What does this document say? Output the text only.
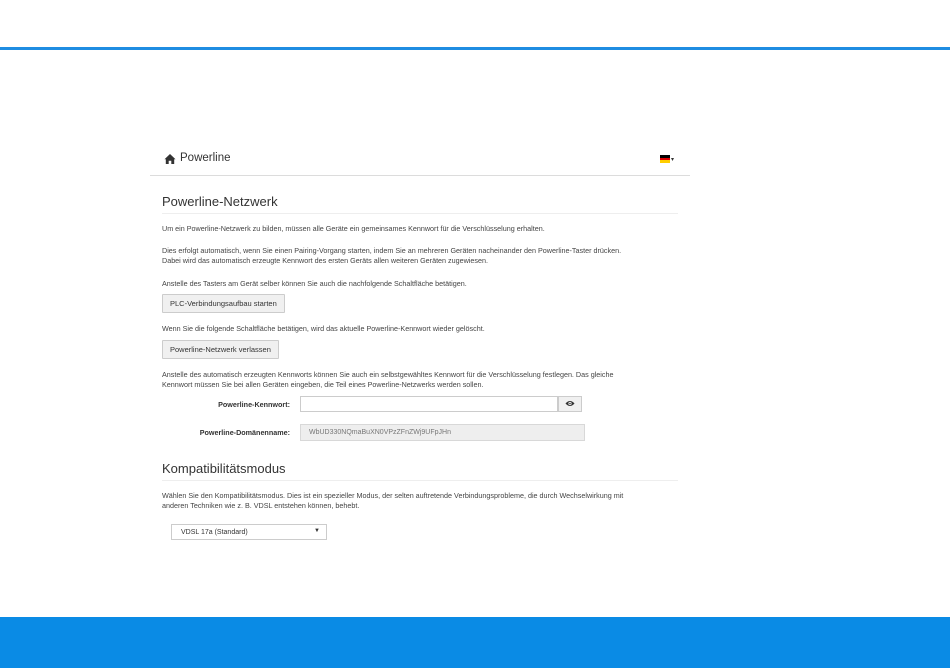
Powerline	▾
Powerline-Netzwerk

Um ein Powerline-Netzwerk zu bilden, müssen alle Geräte ein gemeinsames Kennwort für die Verschlüsselung erhalten.

Dies erfolgt automatisch, wenn Sie einen Pairing-Vorgang starten, indem Sie an mehreren Geräten nacheinander den Powerline-Taster drücken.
Dabei wird das automatisch erzeugte Kennwort des ersten Geräts allen weiteren Geräten zugewiesen.

Anstelle des Tasters am Gerät selber können Sie auch die nachfolgende Schaltfläche betätigen.

PLC-Verbindungsaufbau starten

Wenn Sie die folgende Schaltfläche betätigen, wird das aktuelle Powerline-Kennwort wieder gelöscht.

Powerline-Netzwerk verlassen

Anstelle des automatisch erzeugten Kennworts können Sie auch ein selbstgewähltes Kennwort für die Verschlüsselung festlegen. Das gleiche
Kennwort müssen Sie bei allen Geräten eingeben, die Teil eines Powerline-Netzwerks werden sollen.

Powerline-Kennwort:
Powerline-Domänenname:	WbUD330NQmaBuXN0VPzZFnZWj9UFpJHn
Kompatibilitätsmodus

Wählen Sie den Kompatibilitätsmodus. Dies ist ein spezieller Modus, der selten auftretende Verbindungsprobleme, die durch Wechselwirkung mit
anderen Techniken wie z. B. VDSL entstehen können, behebt.

VDSL 17a (Standard)	▼
